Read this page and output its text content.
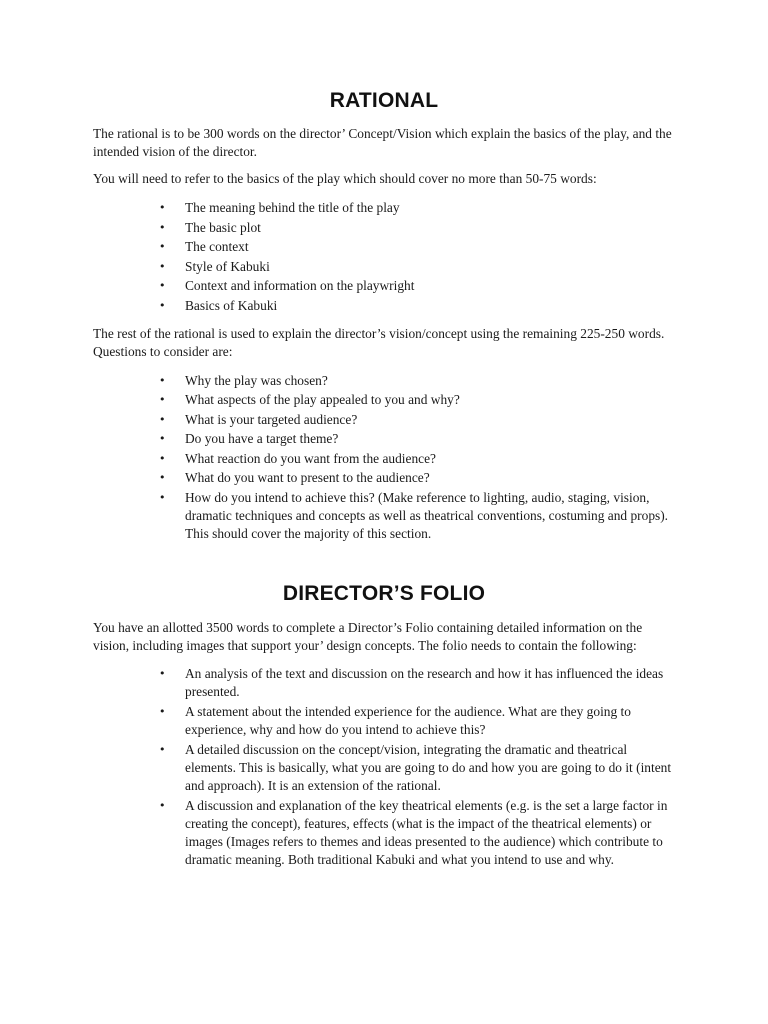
RATIONAL

The rational is to be 300 words on the director’ Concept/Vision which explain the basics of the play, and the intended vision of the director.

You will need to refer to the basics of the play which should cover no more than 50-75 words:

• The meaning behind the title of the play
• The basic plot
• The context
• Style of Kabuki
• Context and information on the playwright
• Basics of Kabuki

The rest of the rational is used to explain the director’s vision/concept using the remaining 225-250 words. Questions to consider are:

• Why the play was chosen?
• What aspects of the play appealed to you and why?
• What is your targeted audience?
• Do you have a target theme?
• What reaction do you want from the audience?
• What do you want to present to the audience?
• How do you intend to achieve this? (Make reference to lighting, audio, staging, vision, dramatic techniques and concepts as well as theatrical conventions, costuming and props). This should cover the majority of this section.
DIRECTOR’S FOLIO

You have an allotted 3500 words to complete a Director’s Folio containing detailed information on the vision, including images that support your’ design concepts. The folio needs to contain the following:

• An analysis of the text and discussion on the research and how it has influenced the ideas presented.
• A statement about the intended experience for the audience. What are they going to experience, why and how do you intend to achieve this?
• A detailed discussion on the concept/vision, integrating the dramatic and theatrical elements. This is basically, what you are going to do and how you are going to do it (intent and approach). It is an extension of the rational.
• A discussion and explanation of the key theatrical elements (e.g. is the set a large factor in creating the concept), features, effects (what is the impact of the theatrical elements) or images (Images refers to themes and ideas presented to the audience) which contribute to dramatic meaning. Both traditional Kabuki and what you intend to use and why.
